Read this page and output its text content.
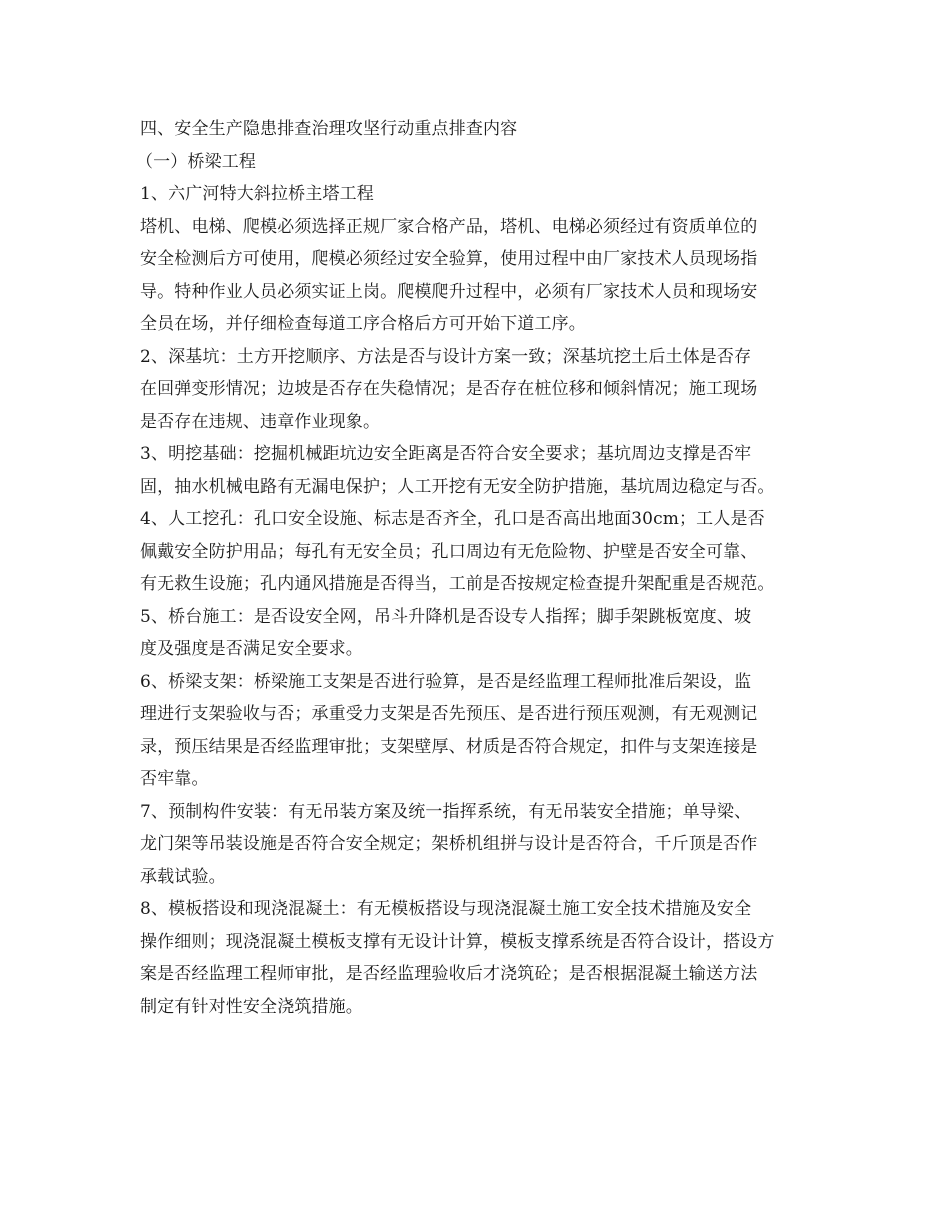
四、安全生产隐患排查治理攻坚行动重点排查内容
（一）桥梁工程
1、六广河特大斜拉桥主塔工程
塔机、电梯、爬模必须选择正规厂家合格产品，塔机、电梯必须经过有资质单位的
安全检测后方可使用，爬模必须经过安全验算，使用过程中由厂家技术人员现场指
导。特种作业人员必须实证上岗。爬模爬升过程中，必须有厂家技术人员和现场安
全员在场，并仔细检查每道工序合格后方可开始下道工序。
2、深基坑：土方开挖顺序、方法是否与设计方案一致；深基坑挖土后土体是否存
在回弹变形情况；边坡是否存在失稳情况；是否存在桩位移和倾斜情况；施工现场
是否存在违规、违章作业现象。
3、明挖基础：挖掘机械距坑边安全距离是否符合安全要求；基坑周边支撑是否牢
固，抽水机械电路有无漏电保护；人工开挖有无安全防护措施，基坑周边稳定与否。
4、人工挖孔：孔口安全设施、标志是否齐全，孔口是否高出地面30cm；工人是否
佩戴安全防护用品；每孔有无安全员；孔口周边有无危险物、护壁是否安全可靠、
有无救生设施；孔内通风措施是否得当，工前是否按规定检查提升架配重是否规范。
5、桥台施工：是否设安全网，吊斗升降机是否设专人指挥；脚手架跳板宽度、坡
度及强度是否满足安全要求。
6、桥梁支架：桥梁施工支架是否进行验算，是否是经监理工程师批准后架设，监
理进行支架验收与否；承重受力支架是否先预压、是否进行预压观测，有无观测记
录，预压结果是否经监理审批；支架壁厚、材质是否符合规定，扣件与支架连接是
否牢靠。
7、预制构件安装：有无吊装方案及统一指挥系统，有无吊装安全措施；单导梁、
龙门架等吊装设施是否符合安全规定；架桥机组拼与设计是否符合，千斤顶是否作
承载试验。
8、模板搭设和现浇混凝土：有无模板搭设与现浇混凝土施工安全技术措施及安全
操作细则；现浇混凝土模板支撑有无设计计算，模板支撑系统是否符合设计，搭设方
案是否经监理工程师审批，是否经监理验收后才浇筑砼；是否根据混凝土输送方法
制定有针对性安全浇筑措施。
